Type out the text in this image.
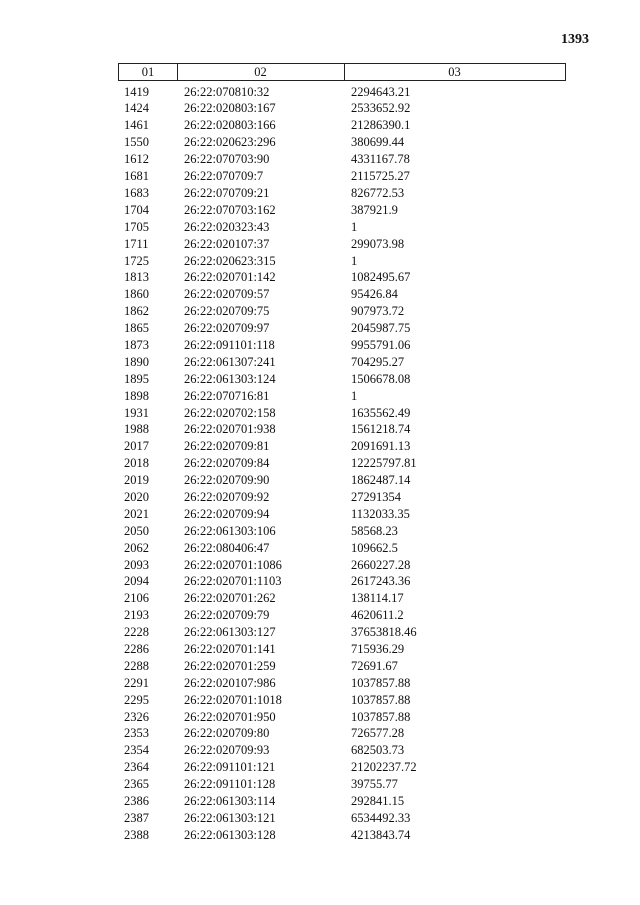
1393
01	02	03
1419	26:22:070810:32	2294643.21
1424	26:22:020803:167	2533652.92
1461	26:22:020803:166	21286390.1
1550	26:22:020623:296	380699.44
1612	26:22:070703:90	4331167.78
1681	26:22:070709:7	2115725.27
1683	26:22:070709:21	826772.53
1704	26:22:070703:162	387921.9
1705	26:22:020323:43	1
1711	26:22:020107:37	299073.98
1725	26:22:020623:315	1
1813	26:22:020701:142	1082495.67
1860	26:22:020709:57	95426.84
1862	26:22:020709:75	907973.72
1865	26:22:020709:97	2045987.75
1873	26:22:091101:118	9955791.06
1890	26:22:061307:241	704295.27
1895	26:22:061303:124	1506678.08
1898	26:22:070716:81	1
1931	26:22:020702:158	1635562.49
1988	26:22:020701:938	1561218.74
2017	26:22:020709:81	2091691.13
2018	26:22:020709:84	12225797.81
2019	26:22:020709:90	1862487.14
2020	26:22:020709:92	27291354
2021	26:22:020709:94	1132033.35
2050	26:22:061303:106	58568.23
2062	26:22:080406:47	109662.5
2093	26:22:020701:1086	2660227.28
2094	26:22:020701:1103	2617243.36
2106	26:22:020701:262	138114.17
2193	26:22:020709:79	4620611.2
2228	26:22:061303:127	37653818.46
2286	26:22:020701:141	715936.29
2288	26:22:020701:259	72691.67
2291	26:22:020107:986	1037857.88
2295	26:22:020701:1018	1037857.88
2326	26:22:020701:950	1037857.88
2353	26:22:020709:80	726577.28
2354	26:22:020709:93	682503.73
2364	26:22:091101:121	21202237.72
2365	26:22:091101:128	39755.77
2386	26:22:061303:114	292841.15
2387	26:22:061303:121	6534492.33
2388	26:22:061303:128	4213843.74
